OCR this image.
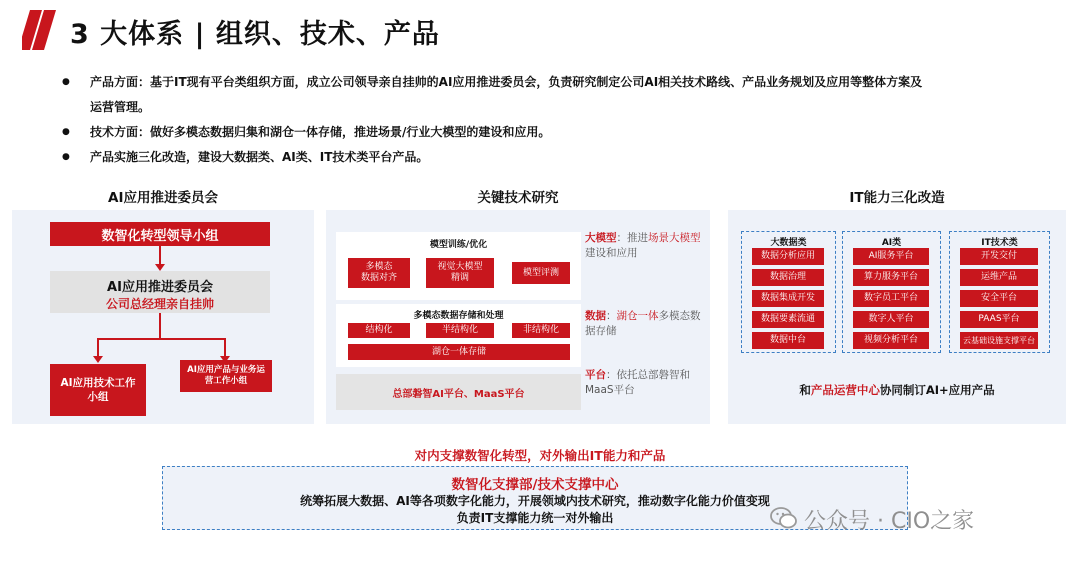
3 大体系 | 组织、技术、产品
● 产品方面：基于IT现有平台类组织方面，成立公司领导亲自挂帅的AI应用推进委员会，负责研究制定公司AI相关技术路线、产品业务规划及应用等整体方案及
运营管理。
● 技术方面：做好多模态数据归集和湖仓一体存储，推进场景/行业大模型的建设和应用。
● 产品实施三化改造，建设大数据类、AI类、IT技术类平台产品。
AI应用推进委员会	关键技术研究	IT能力三化改造
数智化转型领导小组
AI应用推进委员会
公司总经理亲自挂帅
AI应用技术工作小组
AI应用产品与业务运营工作小组
模型训练/优化
多模态
数据对齐
视觉大模型
精调
模型评测
多模态数据存储和处理
结构化	半结构化	非结构化
湖仓一体存储
总部磐智AI平台、MaaS平台
大模型：推进场景大模型建设和应用
数据：湖仓一体多模态数据存储
平台：依托总部磐智和MaaS平台
大数据类
数据分析应用
数据治理
数据集成开发
数据要素流通
数据中台
AI类
AI服务平台
算力服务平台
数字员工平台
数字人平台
视频分析平台
IT技术类
开发交付
运维产品
安全平台
PAAS平台
云基础设施支撑平台
和产品运营中心协同制订AI+应用产品
对内支撑数智化转型，对外输出IT能力和产品
数智化支撑部/技术支撑中心
统筹拓展大数据、AI等各项数字化能力，开展领域内技术研究，推动数字化能力价值变现
负责IT支撑能力统一对外输出	公众号 · CIO之家
